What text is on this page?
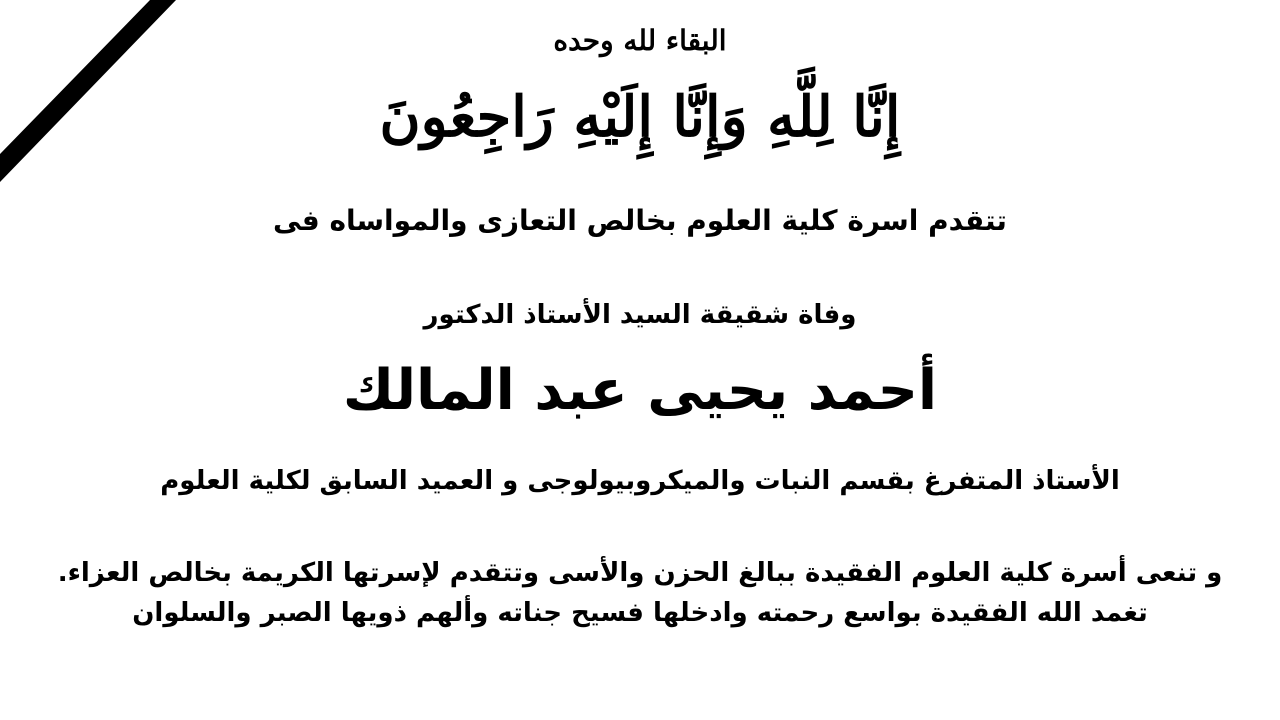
البقاء لله وحده
إِنَّا لِلَّهِ وَإِنَّا إِلَيْهِ رَاجِعُونَ
تتقدم اسرة كلية العلوم بخالص التعازى والمواساه فى
وفاة شقيقة السيد الأستاذ الدكتور
أحمد يحيى عبد المالك
الأستاذ المتفرغ بقسم النبات والميكروبيولوجى و العميد السابق لكلية العلوم
و تنعى أسرة كلية العلوم الفقيدة ببالغ الحزن والأسى وتتقدم لإسرتها الكريمة بخالص العزاء.
تغمد الله الفقيدة بواسع رحمته وادخلها فسيح جناته وألهم ذويها الصبر والسلوان
